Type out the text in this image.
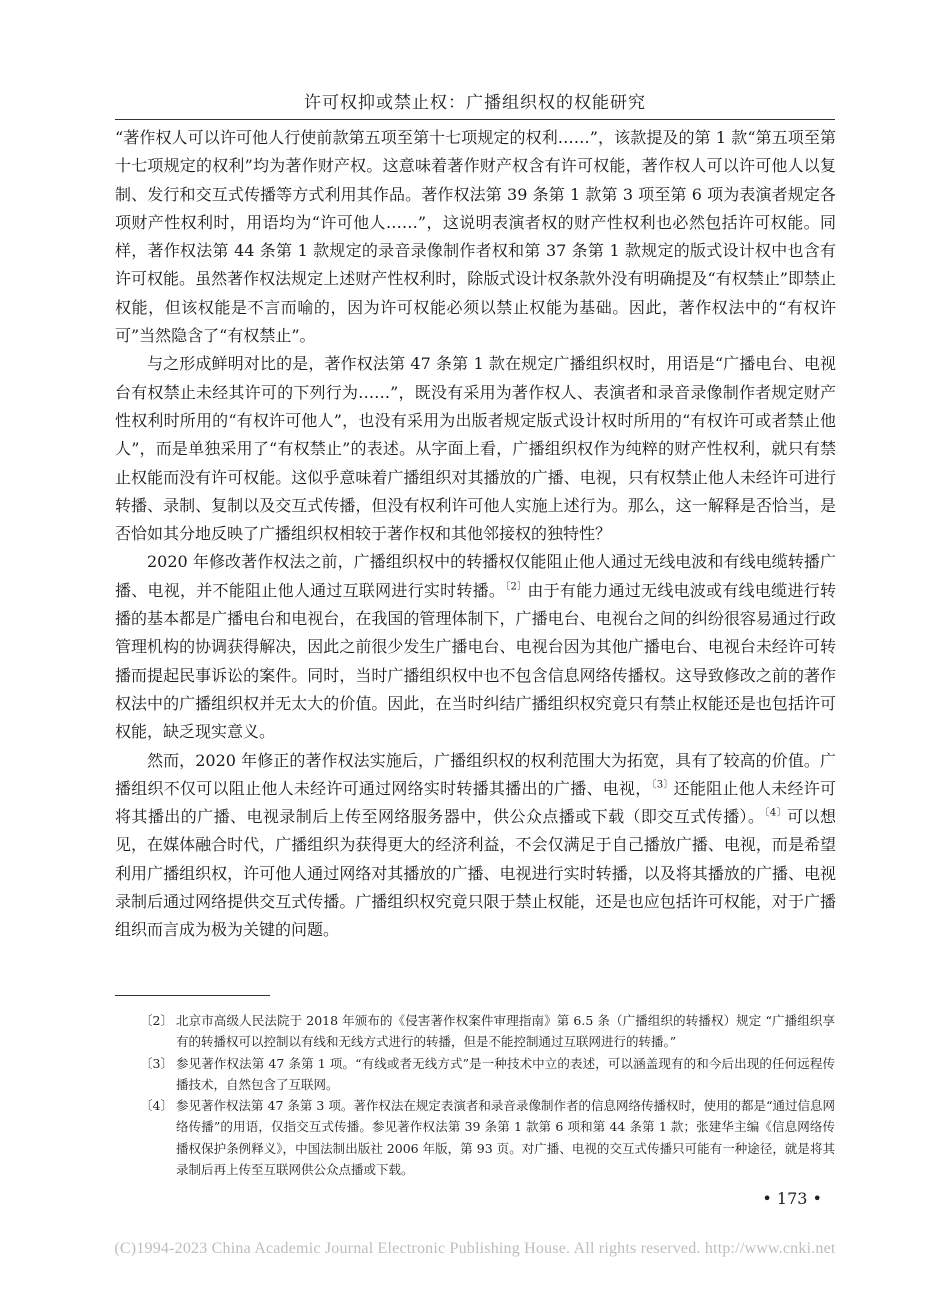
许可权抑或禁止权：广播组织权的权能研究

“著作权人可以许可他人行使前款第五项至第十七项规定的权利……”，该款提及的第 1 款“第五项至第十七项规定的权利”均为著作财产权。这意味着著作财产权含有许可权能，著作权人可以许可他人以复制、发行和交互式传播等方式利用其作品。著作权法第 39 条第 1 款第 3 项至第 6 项为表演者规定各项财产性权利时，用语均为“许可他人……”，这说明表演者权的财产性权利也必然包括许可权能。同样，著作权法第 44 条第 1 款规定的录音录像制作者权和第 37 条第 1 款规定的版式设计权中也含有许可权能。虽然著作权法规定上述财产性权利时，除版式设计权条款外没有明确提及“有权禁止”即禁止权能，但该权能是不言而喻的，因为许可权能必须以禁止权能为基础。因此，著作权法中的“有权许可”当然隐含了“有权禁止”。

与之形成鲜明对比的是，著作权法第 47 条第 1 款在规定广播组织权时，用语是“广播电台、电视台有权禁止未经其许可的下列行为……”，既没有采用为著作权人、表演者和录音录像制作者规定财产性权利时所用的“有权许可他人”，也没有采用为出版者规定版式设计权时所用的“有权许可或者禁止他人”，而是单独采用了“有权禁止”的表述。从字面上看，广播组织权作为纯粹的财产性权利，就只有禁止权能而没有许可权能。这似乎意味着广播组织对其播放的广播、电视，只有权禁止他人未经许可进行转播、录制、复制以及交互式传播，但没有权利许可他人实施上述行为。那么，这一解释是否恰当，是否恰如其分地反映了广播组织权相较于著作权和其他邻接权的独特性？

2020 年修改著作权法之前，广播组织权中的转播权仅能阻止他人通过无线电波和有线电缆转播广播、电视，并不能阻止他人通过互联网进行实时转播。$^{〔2〕}$由于有能力通过无线电波或有线电缆进行转播的基本都是广播电台和电视台，在我国的管理体制下，广播电台、电视台之间的纠纷很容易通过行政管理机构的协调获得解决，因此之前很少发生广播电台、电视台因为其他广播电台、电视台未经许可转播而提起民事诉讼的案件。同时，当时广播组织权中也不包含信息网络传播权。这导致修改之前的著作权法中的广播组织权并无太大的价值。因此，在当时纠结广播组织权究竟只有禁止权能还是也包括许可权能，缺乏现实意义。

然而，2020 年修正的著作权法实施后，广播组织权的权利范围大为拓宽，具有了较高的价值。广播组织不仅可以阻止他人未经许可通过网络实时转播其播出的广播、电视，$^{〔3〕}$还能阻止他人未经许可将其播出的广播、电视录制后上传至网络服务器中，供公众点播或下载（即交互式传播）。$^{〔4〕}$可以想见，在媒体融合时代，广播组织为获得更大的经济利益，不会仅满足于自己播放广播、电视，而是希望利用广播组织权，许可他人通过网络对其播放的广播、电视进行实时转播，以及将其播放的广播、电视录制后通过网络提供交互式传播。广播组织权究竟只限于禁止权能，还是也应包括许可权能，对于广播组织而言成为极为关键的问题。

〔2〕 北京市高级人民法院于 2018 年颁布的《侵害著作权案件审理指南》第 6.5 条（广播组织的转播权）规定 “广播组织享有的转播权可以控制以有线和无线方式进行的转播，但是不能控制通过互联网进行的转播。”
〔3〕 参见著作权法第 47 条第 1 项。“有线或者无线方式”是一种技术中立的表述，可以涵盖现有的和今后出现的任何远程传播技术，自然包含了互联网。
〔4〕 参见著作权法第 47 条第 3 项。著作权法在规定表演者和录音录像制作者的信息网络传播权时，使用的都是“通过信息网络传播”的用语，仅指交互式传播。参见著作权法第 39 条第 1 款第 6 项和第 44 条第 1 款；张建华主编《信息网络传播权保护条例释义》，中国法制出版社 2006 年版，第 93 页。对广播、电视的交互式传播只可能有一种途径，就是将其录制后再上传至互联网供公众点播或下载。
• 173 •
(C)1994-2023 China Academic Journal Electronic Publishing House. All rights reserved. http://www.cnki.net
